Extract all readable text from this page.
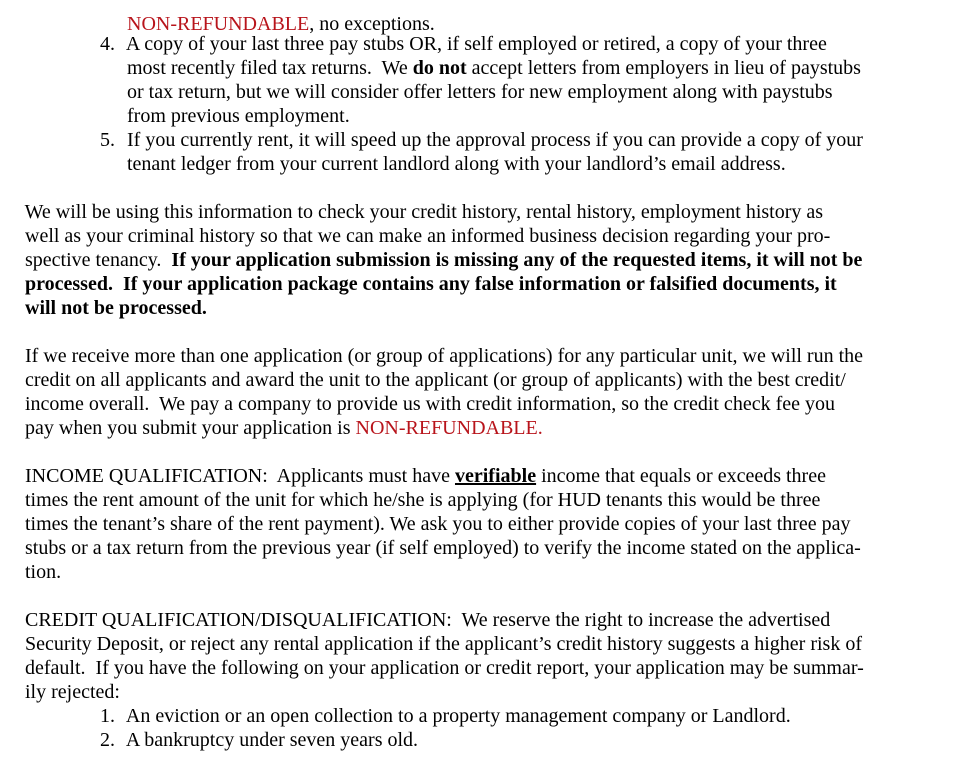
NON-REFUNDABLE, no exceptions.

4.
A copy of your last three pay stubs OR, if self employed or retired, a copy of your three

most recently filed tax returns.  We do not accept letters from employers in lieu of paystubs

or tax return, but we will consider offer letters for new employment along with paystubs

from previous employment.

5.
If you currently rent, it will speed up the approval process if you can provide a copy of your

tenant ledger from your current landlord along with your landlord’s email address.

We will be using this information to check your credit history, rental history, employment history as

well as your criminal history so that we can make an informed business decision regarding your pro-

spective tenancy.  If your application submission is missing any of the requested items, it will not be

processed.  If your application package contains any false information or falsified documents, it

will not be processed.

If we receive more than one application (or group of applications) for any particular unit, we will run the

credit on all applicants and award the unit to the applicant (or group of applicants) with the best credit/

income overall.  We pay a company to provide us with credit information, so the credit check fee you

pay when you submit your application is NON-REFUNDABLE.

INCOME QUALIFICATION:  Applicants must have verifiable income that equals or exceeds three

times the rent amount of the unit for which he/she is applying (for HUD tenants this would be three

times the tenant’s share of the rent payment). We ask you to either provide copies of your last three pay

stubs or a tax return from the previous year (if self employed) to verify the income stated on the applica-

tion.

CREDIT QUALIFICATION/DISQUALIFICATION:  We reserve the right to increase the advertised

Security Deposit, or reject any rental application if the applicant’s credit history suggests a higher risk of

default.  If you have the following on your application or credit report, your application may be summar-

ily rejected:

1.
An eviction or an open collection to a property management company or Landlord.

2.
A bankruptcy under seven years old.
